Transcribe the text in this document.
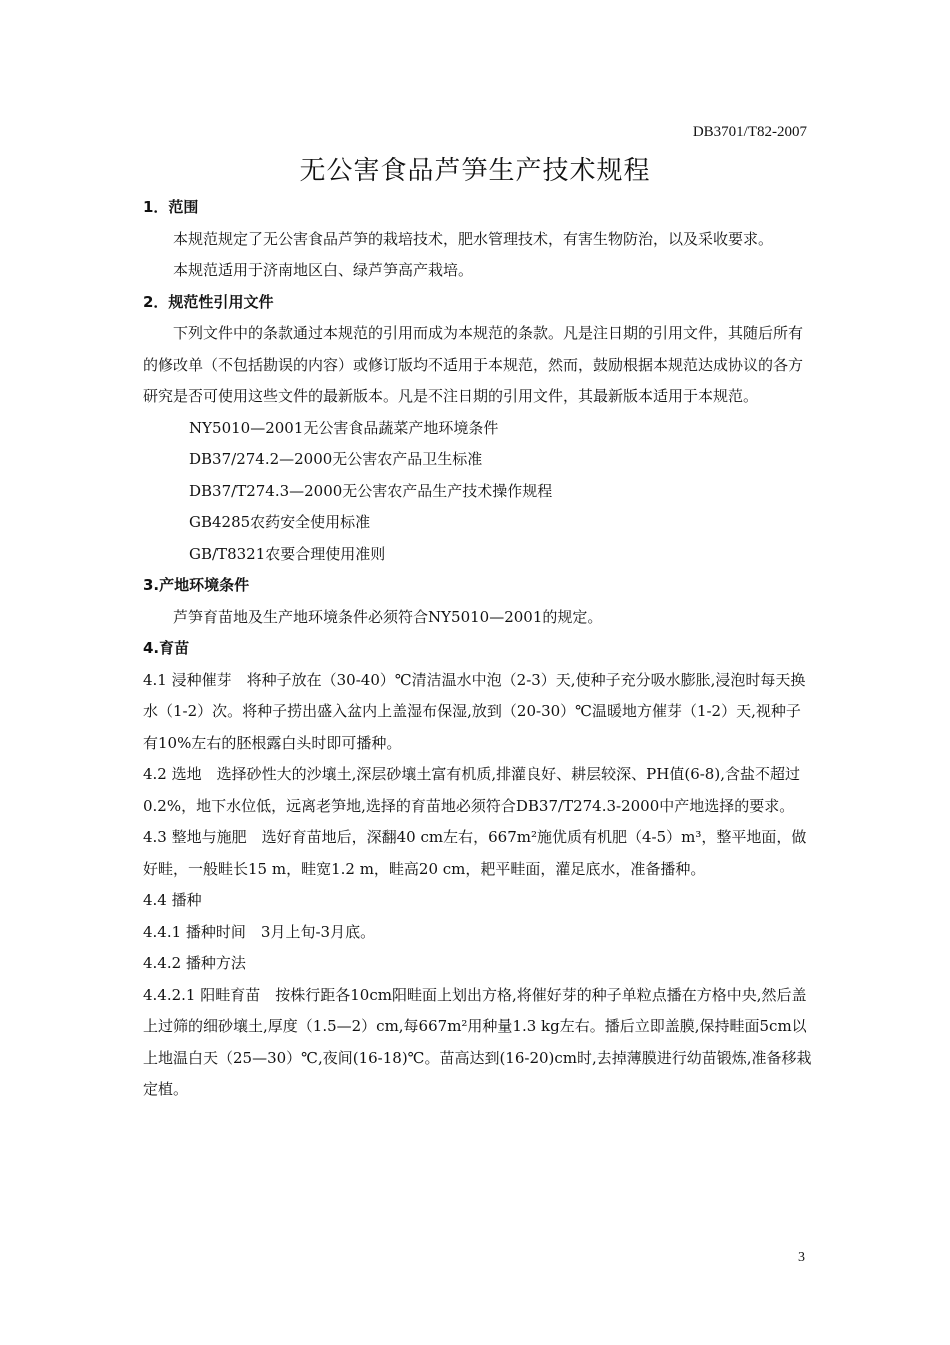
DB3701/T82-2007
无公害食品芦笋生产技术规程

1．范围

本规范规定了无公害食品芦笋的栽培技术，肥水管理技术，有害生物防治，以及采收要求。

本规范适用于济南地区白、绿芦笋高产栽培。

2．规范性引用文件

下列文件中的条款通过本规范的引用而成为本规范的条款。凡是注日期的引用文件，其随后所有的修改单（不包括勘误的内容）或修订版均不适用于本规范，然而，鼓励根据本规范达成协议的各方研究是否可使用这些文件的最新版本。凡是不注日期的引用文件，其最新版本适用于本规范。

NY5010—2001无公害食品蔬菜产地环境条件

DB37/274.2—2000无公害农产品卫生标准

DB37/T274.3—2000无公害农产品生产技术操作规程

GB4285农药安全使用标准

GB/T8321农要合理使用准则

3.产地环境条件

芦笋育苗地及生产地环境条件必须符合NY5010—2001的规定。

4.育苗

4.1 浸种催芽　将种子放在（30-40）℃清洁温水中泡（2-3）天,使种子充分吸水膨胀,浸泡时每天换水（1-2）次。将种子捞出盛入盆内上盖湿布保湿,放到（20-30）℃温暖地方催芽（1-2）天,视种子有10%左右的胚根露白头时即可播种。

4.2 选地　选择砂性大的沙壤土,深层砂壤土富有机质,排灌良好、耕层较深、PH值(6-8),含盐不超过0.2%，地下水位低，远离老笋地,选择的育苗地必须符合DB37/T274.3-2000中产地选择的要求。

4.3 整地与施肥　选好育苗地后，深翻40 cm左右，667m²施优质有机肥（4-5）m³，整平地面，做好畦，一般畦长15 m，畦宽1.2 m，畦高20 cm，耙平畦面，灌足底水，准备播种。

4.4 播种

4.4.1 播种时间　3月上旬-3月底。

4.4.2 播种方法

4.4.2.1 阳畦育苗　按株行距各10cm阳畦面上划出方格,将催好芽的种子单粒点播在方格中央,然后盖上过筛的细砂壤土,厚度（1.5—2）cm,每667m²用种量1.3 kg左右。播后立即盖膜,保持畦面5cm以上地温白天（25—30）℃,夜间(16-18)℃。苗高达到(16-20)cm时,去掉薄膜进行幼苗锻炼,准备移栽定植。

3
